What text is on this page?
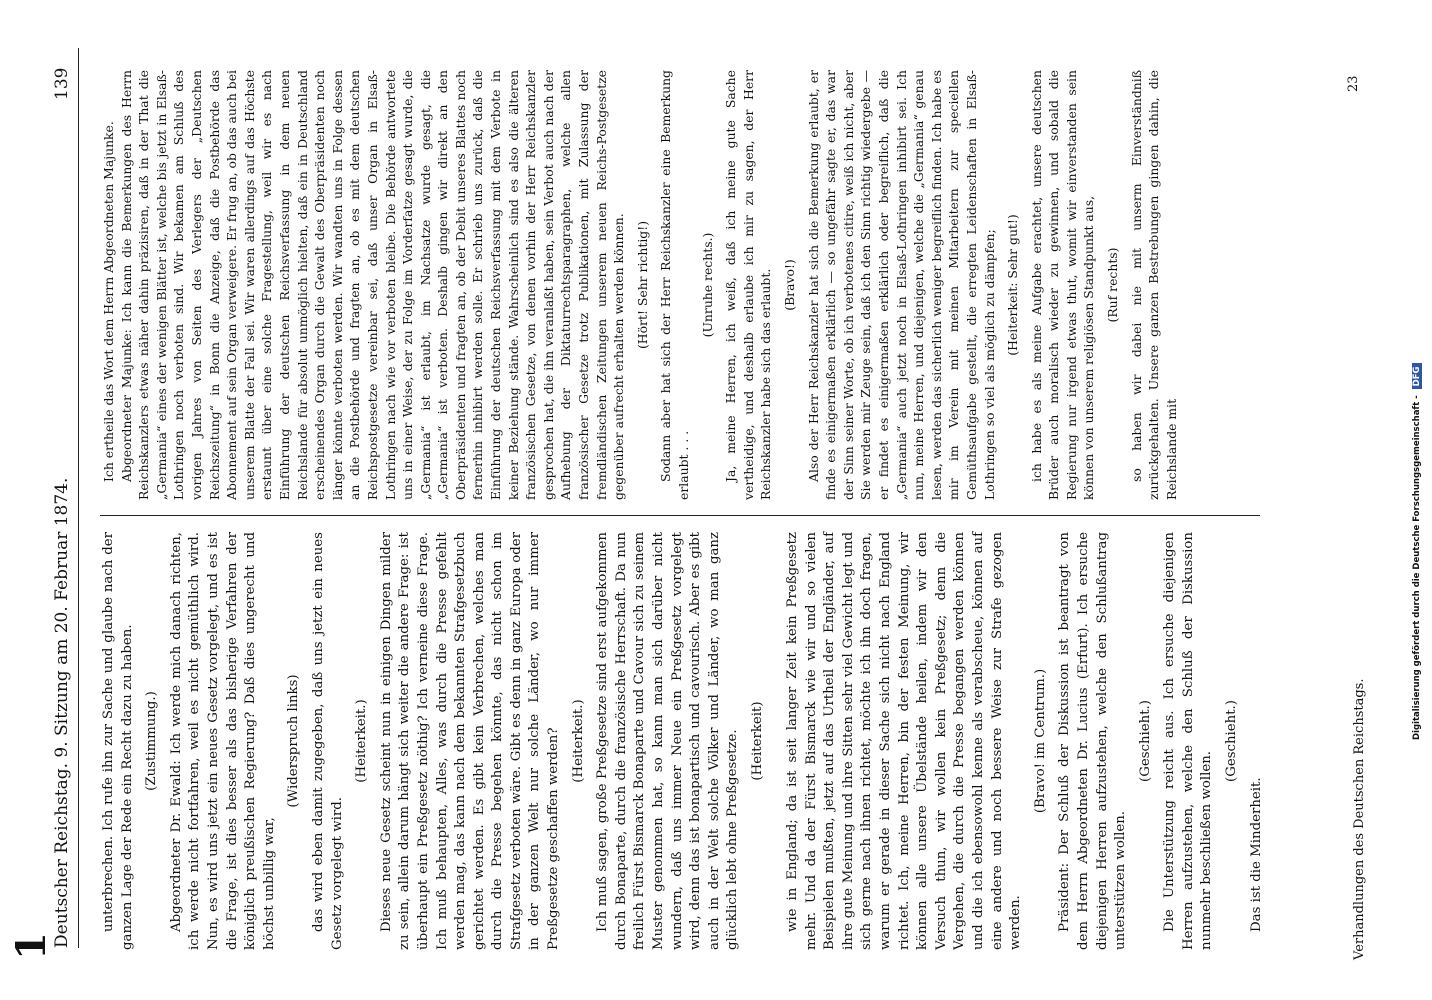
Deutscher Reichstag. 9. Sitzung am 20. Februar 1874.
139

unterbrechen. Ich rufe ihn zur Sache und glaube nach der ganzen Lage der Rede ein Recht dazu zu haben. (Zustimmung.) Abgeordneter Dr. Ewald: Ich werde mich danach richten, ich werde nicht fortfahren, weil es nicht gemüthlich wird. Nun, es wird uns jetzt ein neues Gesetz vorgelegt, und es ist die Frage, ist dies besser als das bisherige Verfahren der königlich preußischen Regierung? Daß dies ungerecht und höchst unbillig war,

(Widerspruch links) das wird eben damit zugegeben, daß uns jetzt ein neues Gesetz vorgelegt wird.

(Heiterkeit.) Dieses neue Gesetz scheint nun in einigen Dingen milder zu sein, allein darum hängt sich weiter die andere Frage: ist überhaupt ein Preßgesetz nöthig? Ich verneine diese Frage. Ich muß behaupten, Alles, was durch die Presse gefehlt werden mag, das kann nach dem bekannten Strafgesetzbuch gerichtet werden. Es gibt kein Verbrechen, welches man durch die Presse begehen könnte, das nicht schon im Strafgesetz verboten wäre. Gibt es denn in ganz Europa oder in der ganzen Welt nur solche Länder, wo nur immer Preßgesetze geschaffen werden? (Heiterkeit.) Ich muß sagen, große Preßgesetze sind erst aufgekommen durch Bonaparte, durch die französische Herrschaft. Da nun freilich Fürst Bismarck Bonaparte und Cavour sich zu seinem Muster genommen hat, so kann man sich darüber nicht wundern, daß uns immer Neue ein Preßgesetz vorgelegt wird, denn das ist bonapartisch und cavourisch. Aber es gibt auch in der Welt solche Völker und Länder, wo man ganz glücklich lebt ohne Preßgesetze. (Heiterkeit) wie in England; da ist seit langer Zeit kein Preßgesetz mehr. Und da der Fürst Bismarck wie wir und so vielen Beispielen mußten, jetzt auf das Urtheil der Engländer, auf ihre gute Meinung und ihre Sitten sehr viel Gewicht legt und sich gerne nach ihnen richtet, möchte ich ihn doch fragen, warum er gerade in dieser Sache sich nicht nach England richtet. Ich, meine Herren, bin der festen Meinung, wir können alle unsere Übelstände heilen, indem wir den Versuch thun, wir wollen kein Preßgesetz; denn die Vergehen, die durch die Presse begangen werden können und die ich ebensowohl kenne als verabscheue, können auf eine andere und noch bessere Weise zur Strafe gezogen werden.

(Bravo! im Centrum.) Präsident: Der Schluß der Diskussion ist beantragt von dem Herrn Abgeordneten Dr. Lucius (Erfurt). Ich ersuche diejenigen Herren aufzustehen, welche den Schlußantrag unterstützen wollen.

(Geschieht.) Die Unterstützung reicht aus. Ich ersuche diejenigen Herren aufzustehen, welche den Schluß der Diskussion nunmehr beschließen wollen.

(Geschieht.)

Das ist die Minderheit.

Ich ertheile das Wort dem Herrn Abgeordneten Majunke. Abgeordneter Majunke: Ich kann die Bemerkungen des Herrn Reichskanzlers etwas näher dahin präzisiren, daß in der That die „Germania“ eines der wenigen Blätter ist, welche bis jetzt in Elsaß-Lothringen noch verboten sind. Wir bekamen am Schluß des vorigen Jahres von Seiten des Verlegers der „Deutschen Reichszeitung“ in Bonn die Anzeige, daß die Postbehörde das Abonnement auf sein Organ verweigere. Er frug an, ob das auch bei unserem Blatte der Fall sei. Wir waren allerdings auf das Höchste erstaunt über eine solche Fragestellung, weil wir es nach Einführung der deutschen Reichsverfassung in dem neuen Reichslande für absolut unmöglich hielten, daß ein in Deutschland erscheinendes Organ durch die Gewalt des Oberpräsidenten noch länger könnte verboten werden. Wir wandten uns in Folge dessen an die Postbehörde und fragten an, ob es mit dem deutschen Reichspostgesetze vereinbar sei, daß unser Organ in Elsaß-Lothringen nach wie vor verboten bleibe. Die Behörde antwortete uns in einer Weise, der zu Folge im Vorderfatze gesagt wurde, die „Germania“ ist erlaubt, im Nachsatze wurde gesagt, die „Germania“ ist verboten. Deshalb gingen wir direkt an den Oberpräsidenten und fragten an, ob der Debit unseres Blattes noch fernerhin inhibirt werden solle. Er schrieb uns zurück, daß die Einführung der deutschen Reichsverfassung mit dem Verbote in keiner Beziehung stände. Wahrscheinlich sind es also die älteren französischen Gesetze, von denen vorhin der Herr Reichskanzler gesprochen hat, die ihn veranlaßt haben, sein Verbot auch nach der Aufhebung der Diktaturrechtsparagraphen, welche allen französischer Gesetze trotz Publikationen, mit Zulassung der fremdländischen Zeitungen unserem neuen Reichs-Postgesetze gegenüber aufrecht erhalten werden können. (Hört! Sehr richtig!) Sodann aber hat sich der Herr Reichskanzler eine Bemerkung erlaubt . . .

(Unruhe rechts.) Ja, meine Herren, ich weiß, daß ich meine gute Sache vertheidige, und deshalb erlaube ich mir zu sagen, der Herr Reichskanzler habe sich das erlaubt. (Bravo!) Also der Herr Reichskanzler hat sich die Bemerkung erlaubt, er finde es einigermaßen erklärlich — so ungefähr sagte er, das war der Sinn seiner Worte, ob ich verbotenes citire, weiß ich nicht, aber Sie werden mir Zeuge sein, daß ich den Sinn richtig wiedergebe — er findet es einigermaßen erklärlich oder begreiflich, daß die „Germania“ auch jetzt noch in Elsaß-Lothringen inhibirt sei. Ich nun, meine Herren, und diejenigen, welche die „Germania“ genau lesen, werden das sicherlich weniger begreiflich finden. Ich habe es mir im Verein mit meinen Mitarbeitern zur speciellen Gemüthsaufgabe gestellt, die erregten Leidenschaften in Elsaß-Lothringen so viel als möglich zu dämpfen; (Heiterkeit: Sehr gut!) ich habe es als meine Aufgabe erachtet, unsere deutschen Brüder auch moralisch wieder zu gewinnen, und sobald die Regierung nur irgend etwas thut, womit wir einverstanden sein können von unserem religiösen Standpunkt aus, (Ruf rechts) so haben wir dabei nie mit unserm Einverständniß zurückgehalten. Unsere ganzen Bestrebungen gingen dahin, die Reichslande mit

Verhandlungen des Deutschen Reichstags.
23
Digitalisierung gefördert durch die Deutsche Forschungsgemeinschaft -DFG
1
